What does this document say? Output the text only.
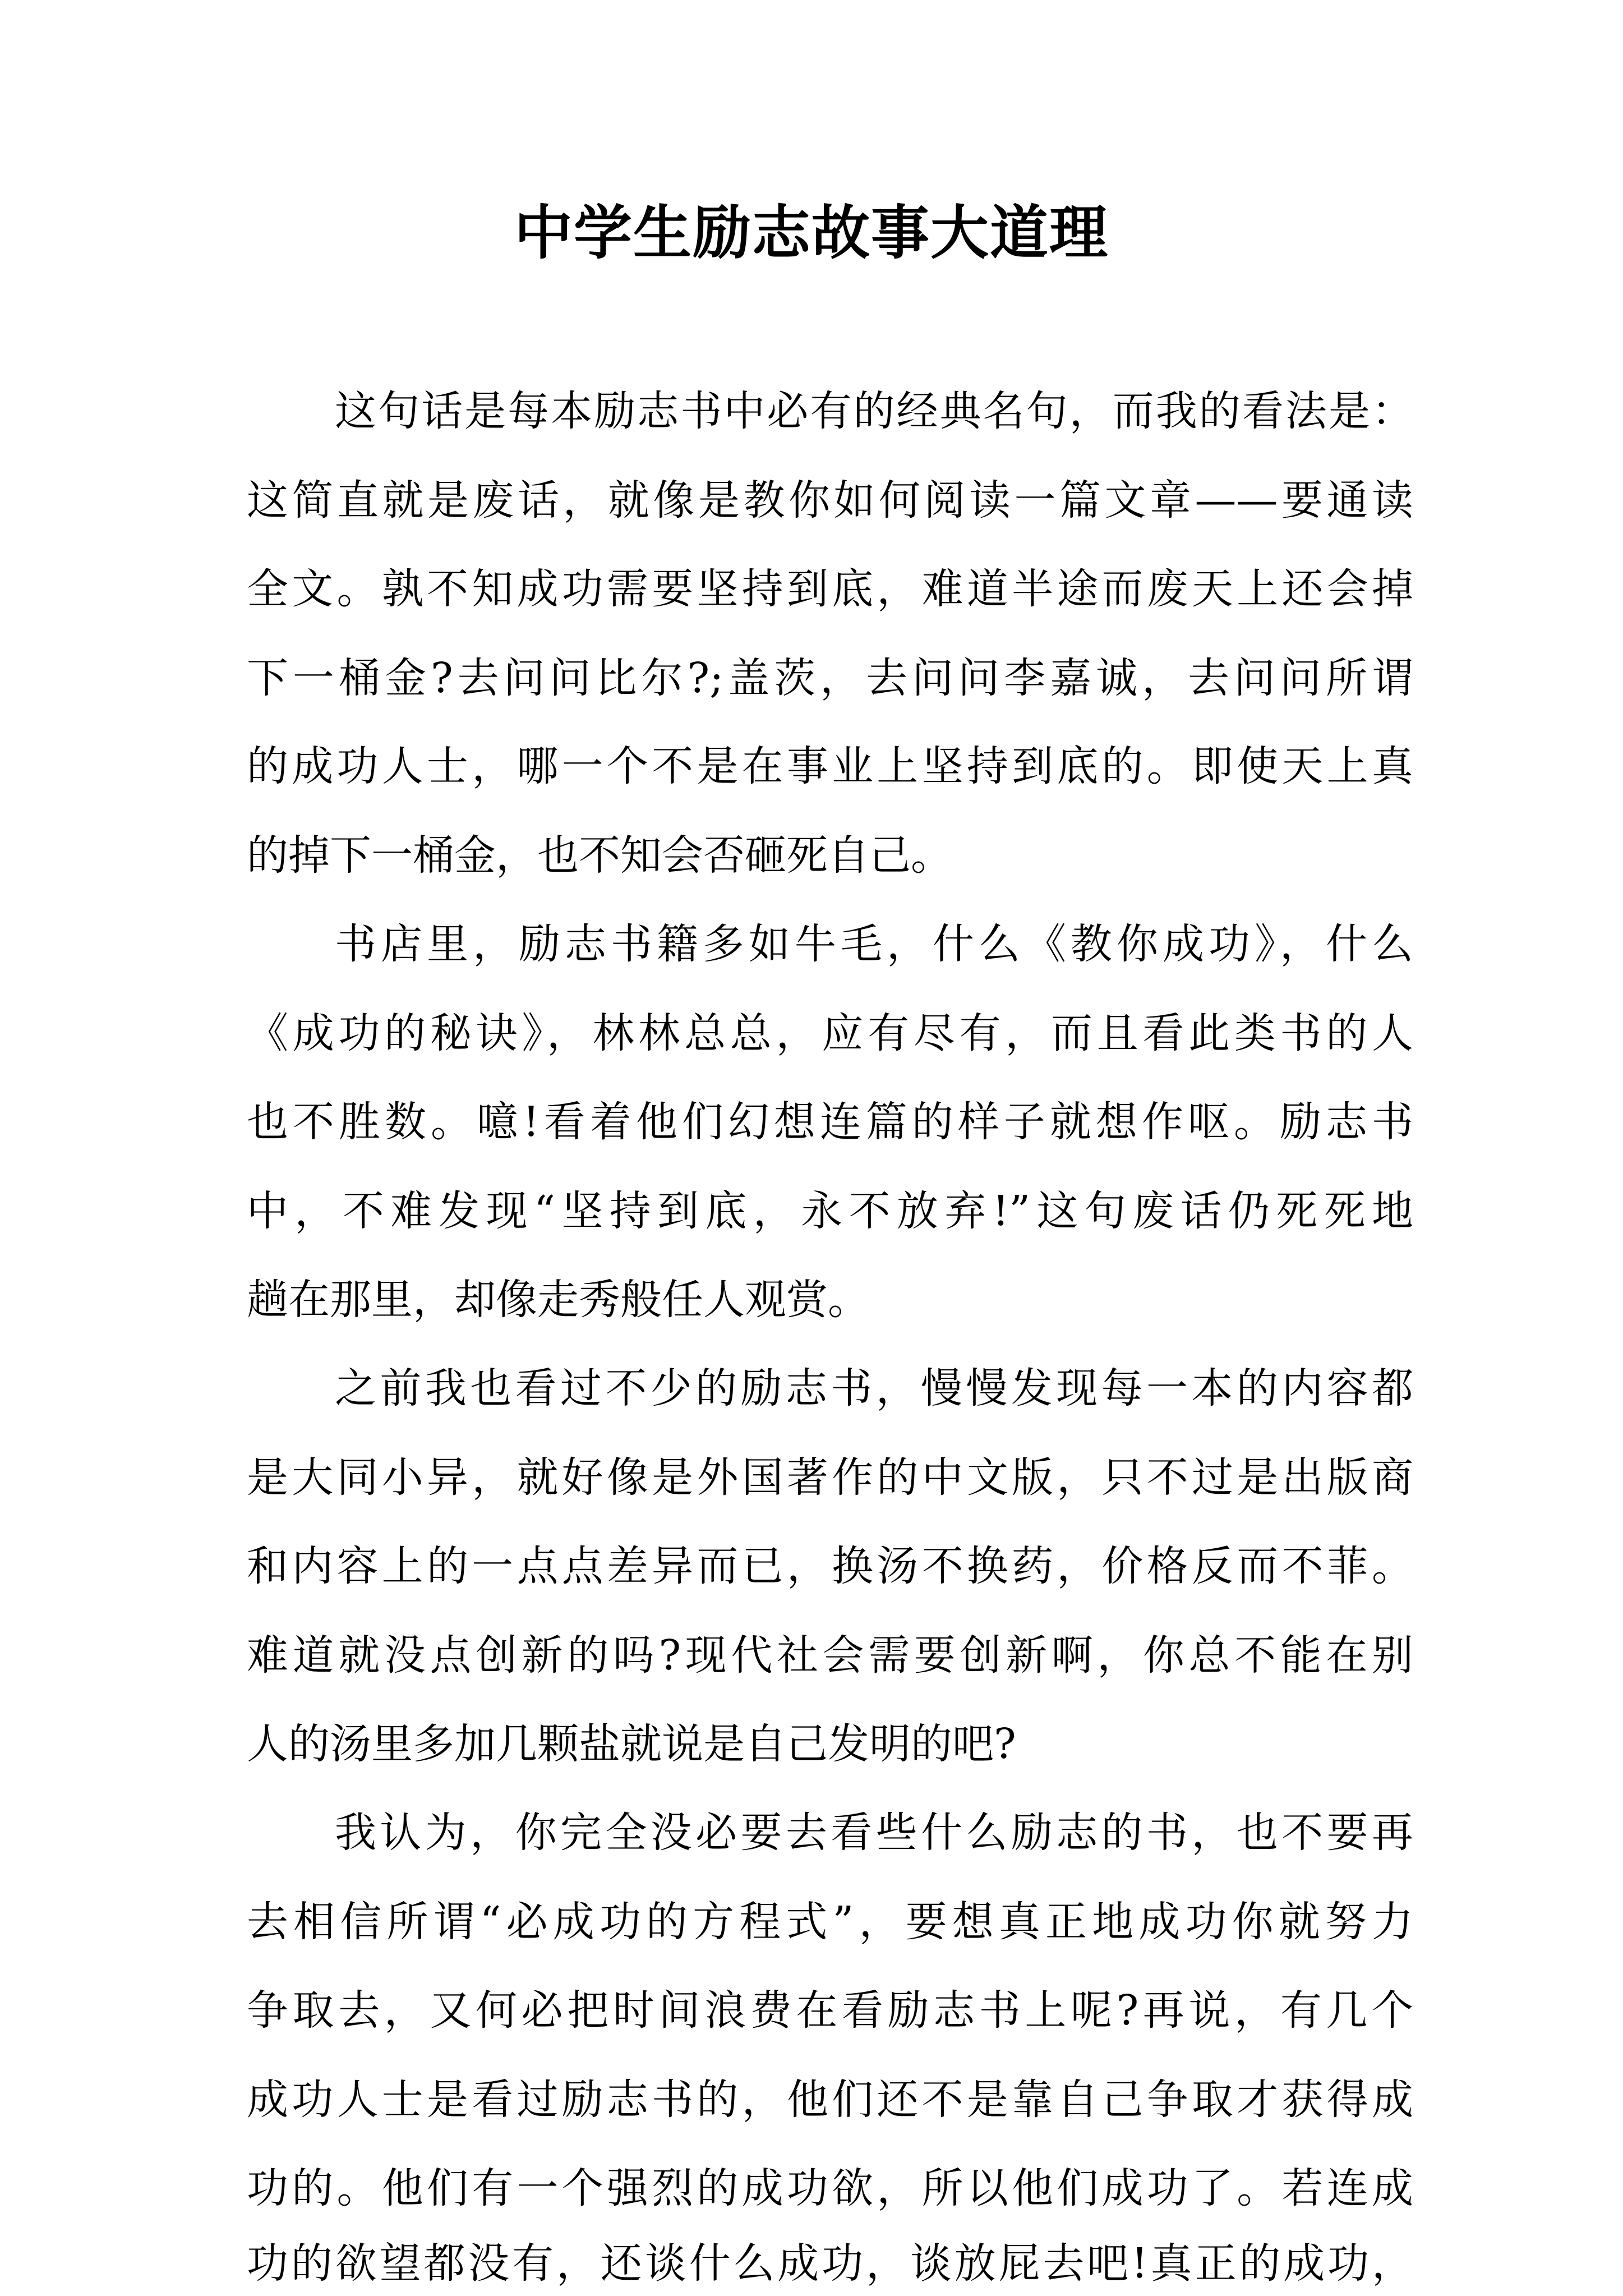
中学生励志故事大道理
这句话是每本励志书中必有的经典名句，而我的看法是：
这简直就是废话，就像是教你如何阅读一篇文章——要通读
全文。孰不知成功需要坚持到底，难道半途而废天上还会掉
下一桶金?去问问比尔?;盖茨，去问问李嘉诚，去问问所谓
的成功人士，哪一个不是在事业上坚持到底的。即使天上真
的掉下一桶金，也不知会否砸死自己。
书店里，励志书籍多如牛毛，什么《教你成功》，什么
《成功的秘诀》，林林总总，应有尽有，而且看此类书的人
也不胜数。噫!看着他们幻想连篇的样子就想作呕。励志书
中，不难发现“坚持到底，永不放弃!”这句废话仍死死地
趟在那里，却像走秀般任人观赏。
之前我也看过不少的励志书，慢慢发现每一本的内容都
是大同小异，就好像是外国著作的中文版，只不过是出版商
和内容上的一点点差异而已，换汤不换药，价格反而不菲。
难道就没点创新的吗?现代社会需要创新啊，你总不能在别
人的汤里多加几颗盐就说是自己发明的吧?
我认为，你完全没必要去看些什么励志的书，也不要再
去相信所谓“必成功的方程式”，要想真正地成功你就努力
争取去，又何必把时间浪费在看励志书上呢?再说，有几个
成功人士是看过励志书的，他们还不是靠自己争取才获得成
功的。他们有一个强烈的成功欲，所以他们成功了。若连成
功的欲望都没有，还谈什么成功，谈放屁去吧!真正的成功，
